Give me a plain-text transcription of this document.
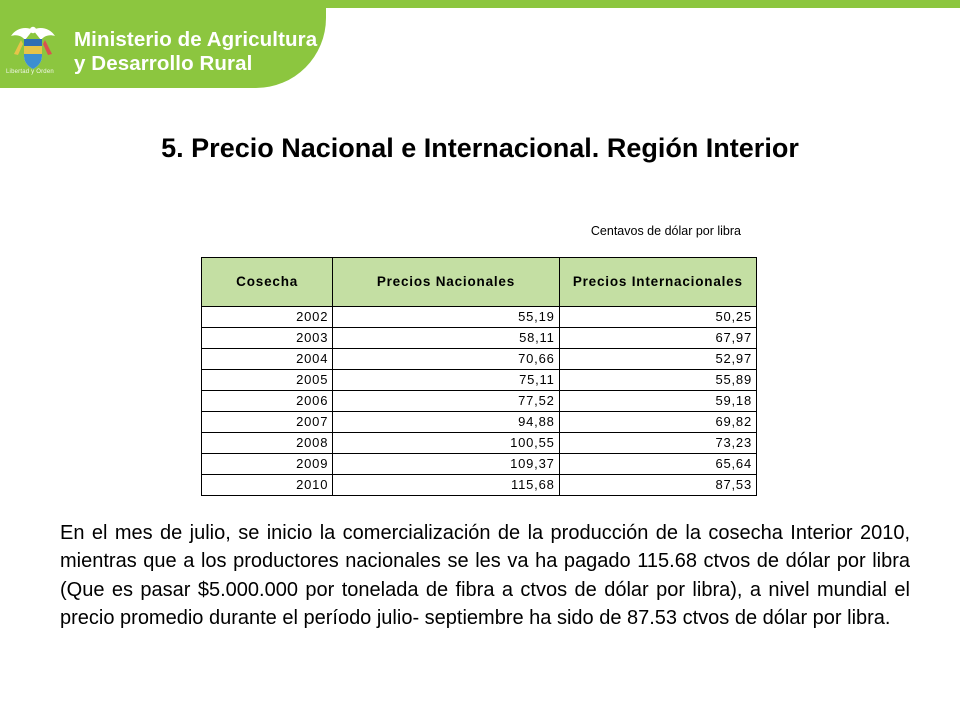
Libertad y Orden
Ministerio de Agricultura
y Desarrollo Rural
5. Precio Nacional e Internacional. Región Interior
Centavos de dólar por libra
Cosecha	Precios Nacionales	Precios Internacionales
2002	55,19	50,25
2003	58,11	67,97
2004	70,66	52,97
2005	75,11	55,89
2006	77,52	59,18
2007	94,88	69,82
2008	100,55	73,23
2009	109,37	65,64
2010	115,68	87,53

En el mes de julio, se inicio la comercialización de la producción de la cosecha Interior 2010, mientras que a los productores nacionales se les va ha pagado 115.68 ctvos de dólar por libra (Que es pasar $5.000.000 por tonelada de fibra a ctvos de dólar por libra), a nivel mundial el precio promedio durante el período julio- septiembre ha sido de 87.53 ctvos de dólar por libra.
